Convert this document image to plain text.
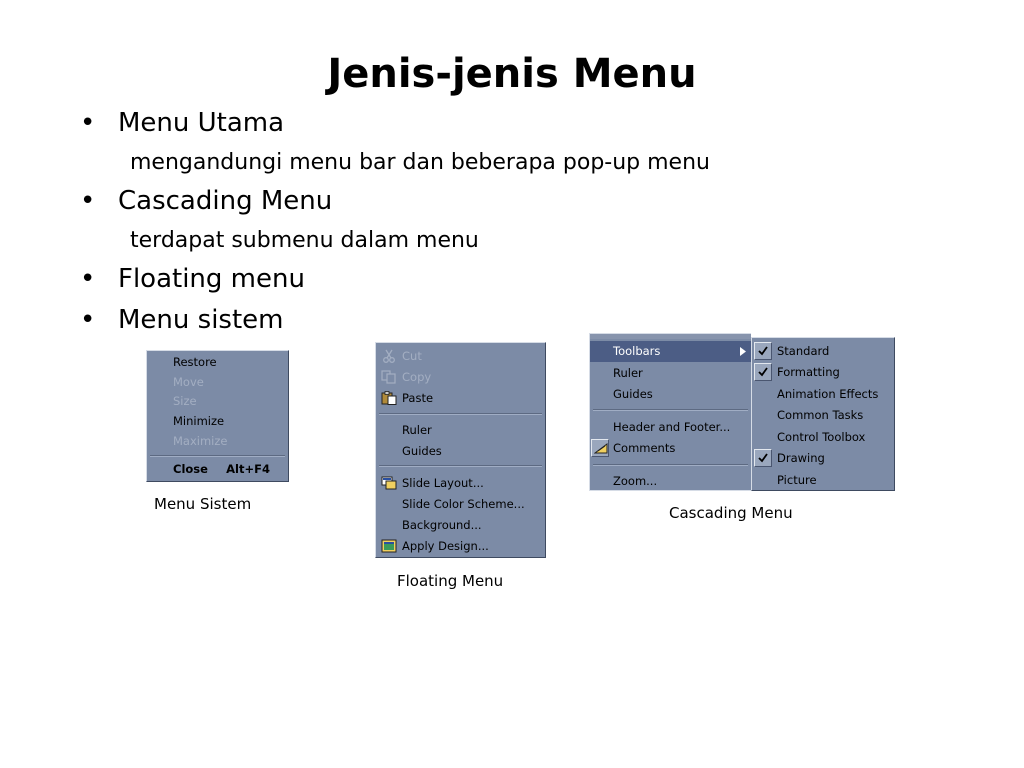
Jenis-jenis Menu
• Menu Utama
mengandungi menu bar dan beberapa pop-up menu
• Cascading Menu
terdapat submenu dalam menu
• Floating menu
• Menu sistem
Restore
Move
Size
Minimize
Maximize
Close Alt+F4
Menu Sistem
Cut
Copy
Paste
Ruler
Guides
Slide Layout...
Slide Color Scheme...
Background...
Apply Design...
Floating Menu
Toolbars
Ruler
Guides
Header and Footer...
Comments
Zoom...
Standard
Formatting
Animation Effects
Common Tasks
Control Toolbox
Drawing
Picture
Cascading Menu
